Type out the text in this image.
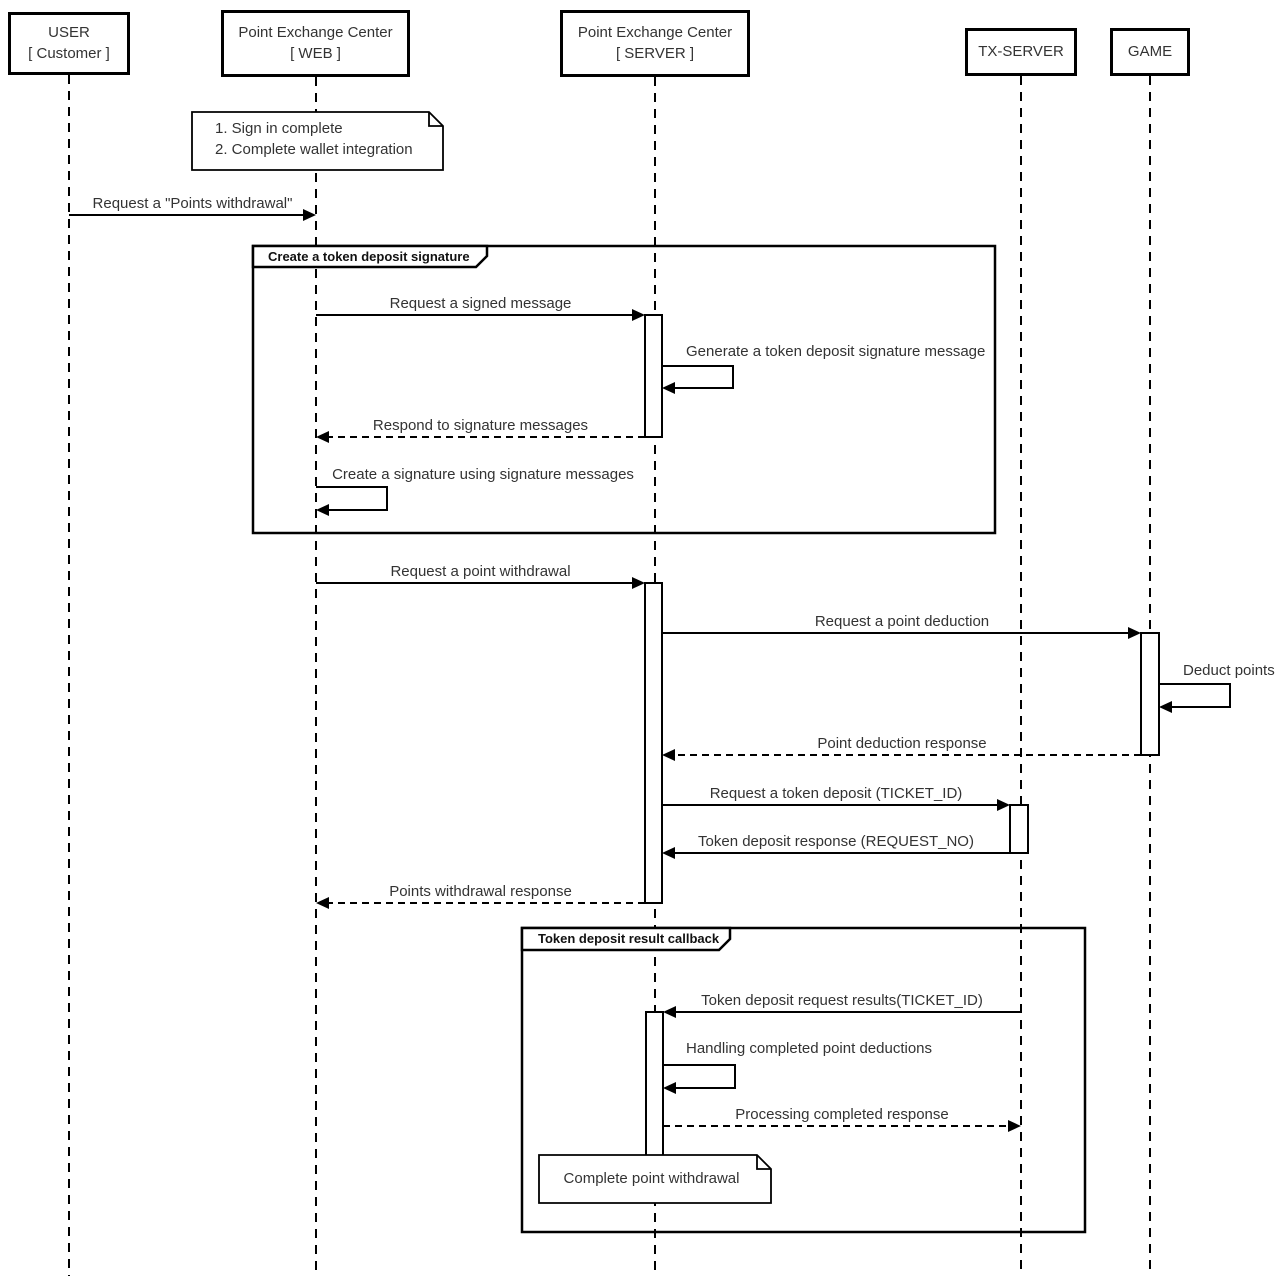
USER
[ Customer ]
Point Exchange Center
[ WEB ]
Point Exchange Center
[ SERVER ]	TX-SERVER	GAME
Create a token deposit signature
Token deposit result callback
1. Sign in complete
2. Complete wallet integration
Complete point withdrawal
Request a "Points withdrawal"
Request a signed message
Generate a token deposit signature message
Respond to signature messages
Create a signature using signature messages
Request a point withdrawal
Request a point deduction
Deduct points
Point deduction response
Request a token deposit (TICKET_ID)
Token deposit response (REQUEST_NO)
Points withdrawal response
Token deposit request results(TICKET_ID)
Handling completed point deductions
Processing completed response
